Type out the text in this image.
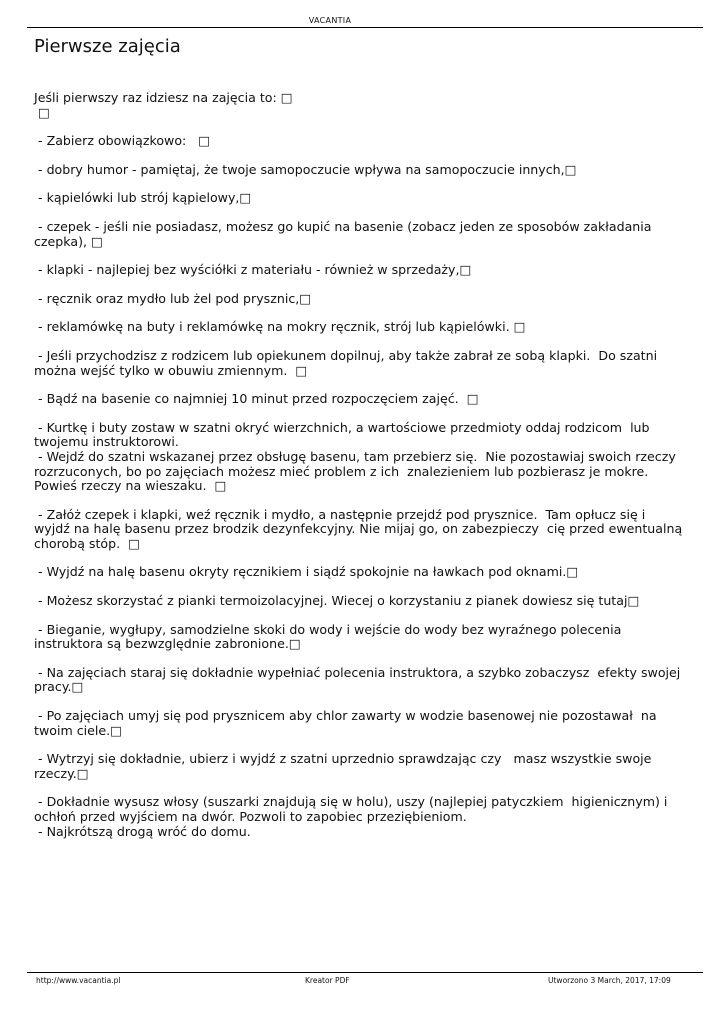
VACANTIA
Pierwsze zajęcia

Jeśli pierwszy raz idziesz na zajęcia to: □
□

- Zabierz obowiązkowo:   □

- dobry humor - pamiętaj, że twoje samopoczucie wpływa na samopoczucie innych,□

- kąpielówki lub strój kąpielowy,□

- czepek - jeśli nie posiadasz, możesz go kupić na basenie (zobacz jeden ze sposobów zakładania czepka), □

- klapki - najlepiej bez wyściółki z materiału - również w sprzedaży,□

- ręcznik oraz mydło lub żel pod prysznic,□

- reklamówkę na buty i reklamówkę na mokry ręcznik, strój lub kąpielówki. □

- Jeśli przychodzisz z rodzicem lub opiekunem dopilnuj, aby także zabrał ze sobą klapki.  Do szatni można wejść tylko w obuwiu zmiennym.  □

- Bądź na basenie co najmniej 10 minut przed rozpoczęciem zajęć.  □

- Kurtkę i buty zostaw w szatni okryć wierzchnich, a wartościowe przedmioty oddaj rodzicom  lub twojemu instruktorowi.

- Wejdź do szatni wskazanej przez obsługę basenu, tam przebierz się.  Nie pozostawiaj swoich rzeczy rozrzuconych, bo po zajęciach możesz mieć problem z ich  znalezieniem lub pozbierasz je mokre. Powieś rzeczy na wieszaku.  □

- Załóż czepek i klapki, weź ręcznik i mydło, a następnie przejdź pod prysznice.  Tam opłucz się i wyjdź na halę basenu przez brodzik dezynfekcyjny. Nie mijaj go, on zabezpieczy  cię przed ewentualną chorobą stóp.  □

- Wyjdź na halę basenu okryty ręcznikiem i siądź spokojnie na ławkach pod oknami.□

- Możesz skorzystać z pianki termoizolacyjnej. Wiecej o korzystaniu z pianek dowiesz się tutaj□

- Bieganie, wygłupy, samodzielne skoki do wody i wejście do wody bez wyraźnego polecenia  instruktora są bezwzględnie zabronione.□

- Na zajęciach staraj się dokładnie wypełniać polecenia instruktora, a szybko zobaczysz  efekty swojej pracy.□

- Po zajęciach umyj się pod prysznicem aby chlor zawarty w wodzie basenowej nie pozostawał  na twoim ciele.□

- Wytrzyj się dokładnie, ubierz i wyjdź z szatni uprzednio sprawdzając czy   masz wszystkie swoje rzeczy.□

- Dokładnie wysusz włosy (suszarki znajdują się w holu), uszy (najlepiej patyczkiem  higienicznym) i ochłoń przed wyjściem na dwór. Pozwoli to zapobiec przeziębieniom.

- Najkrótszą drogą wróć do domu.

http://www.vacantia.pl	Kreator PDF	Utworzono 3 March, 2017, 17:09
